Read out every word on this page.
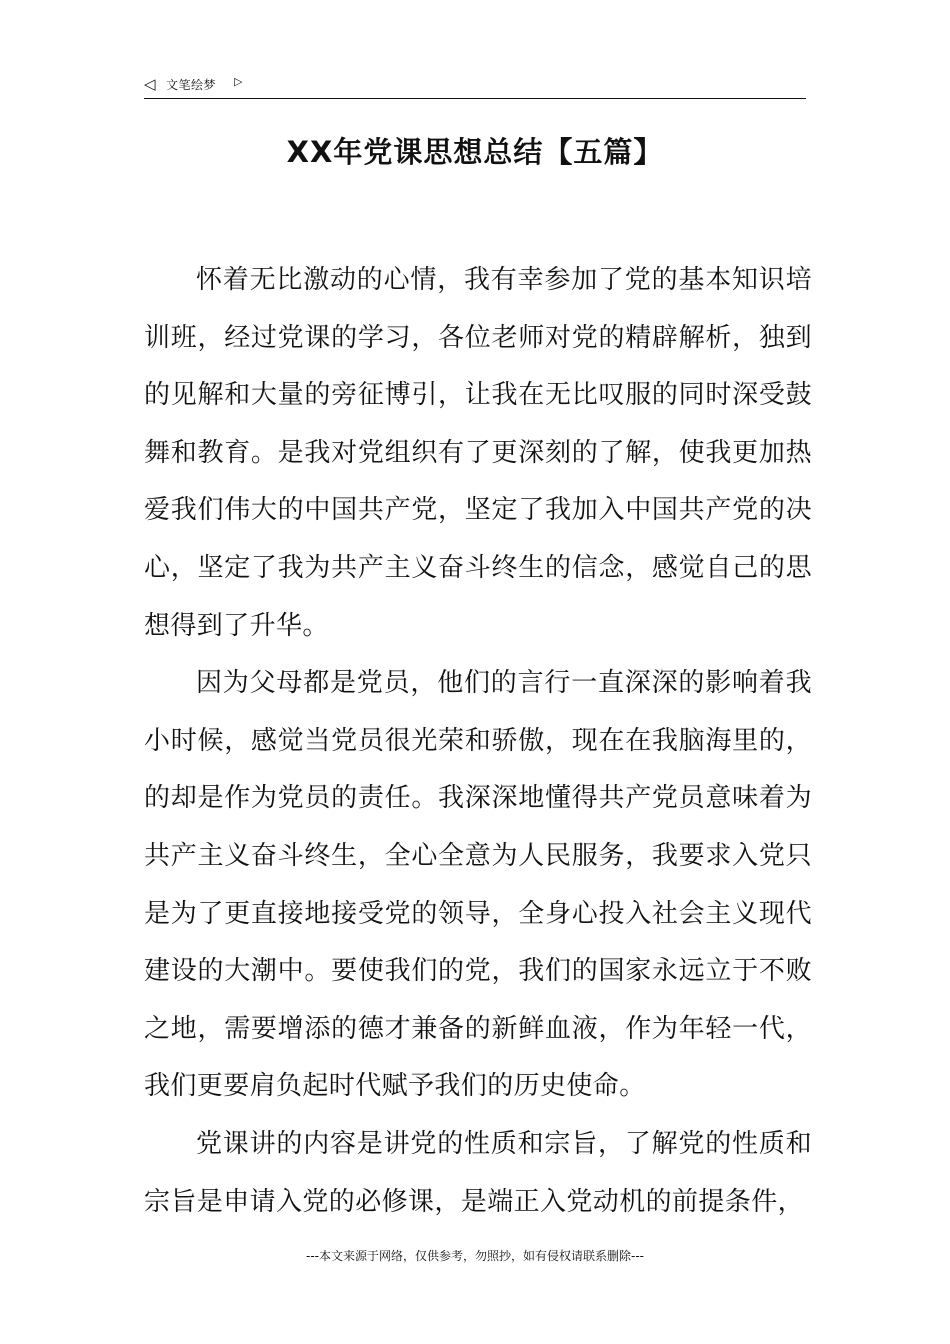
◁ 文笔绘梦 ▷
XX年党课思想总结【五篇】

怀着无比激动的心情，我有幸参加了党的基本知识培训班，经过党课的学习，各位老师对党的精辟解析，独到的见解和大量的旁征博引，让我在无比叹服的同时深受鼓舞和教育。是我对党组织有了更深刻的了解，使我更加热爱我们伟大的中国共产党，坚定了我加入中国共产党的决心，坚定了我为共产主义奋斗终生的信念，感觉自己的思想得到了升华。

因为父母都是党员，他们的言行一直深深的影响着我小时候，感觉当党员很光荣和骄傲，现在在我脑海里的，的却是作为党员的责任。我深深地懂得共产党员意味着为共产主义奋斗终生，全心全意为人民服务，我要求入党只是为了更直接地接受党的领导，全身心投入社会主义现代建设的大潮中。要使我们的党，我们的国家永远立于不败之地，需要增添的德才兼备的新鲜血液，作为年轻一代，我们更要肩负起时代赋予我们的历史使命。

党课讲的内容是讲党的性质和宗旨，了解党的性质和宗旨是申请入党的必修课，是端正入党动机的前提条件，

---本文来源于网络，仅供参考，勿照抄，如有侵权请联系删除---
